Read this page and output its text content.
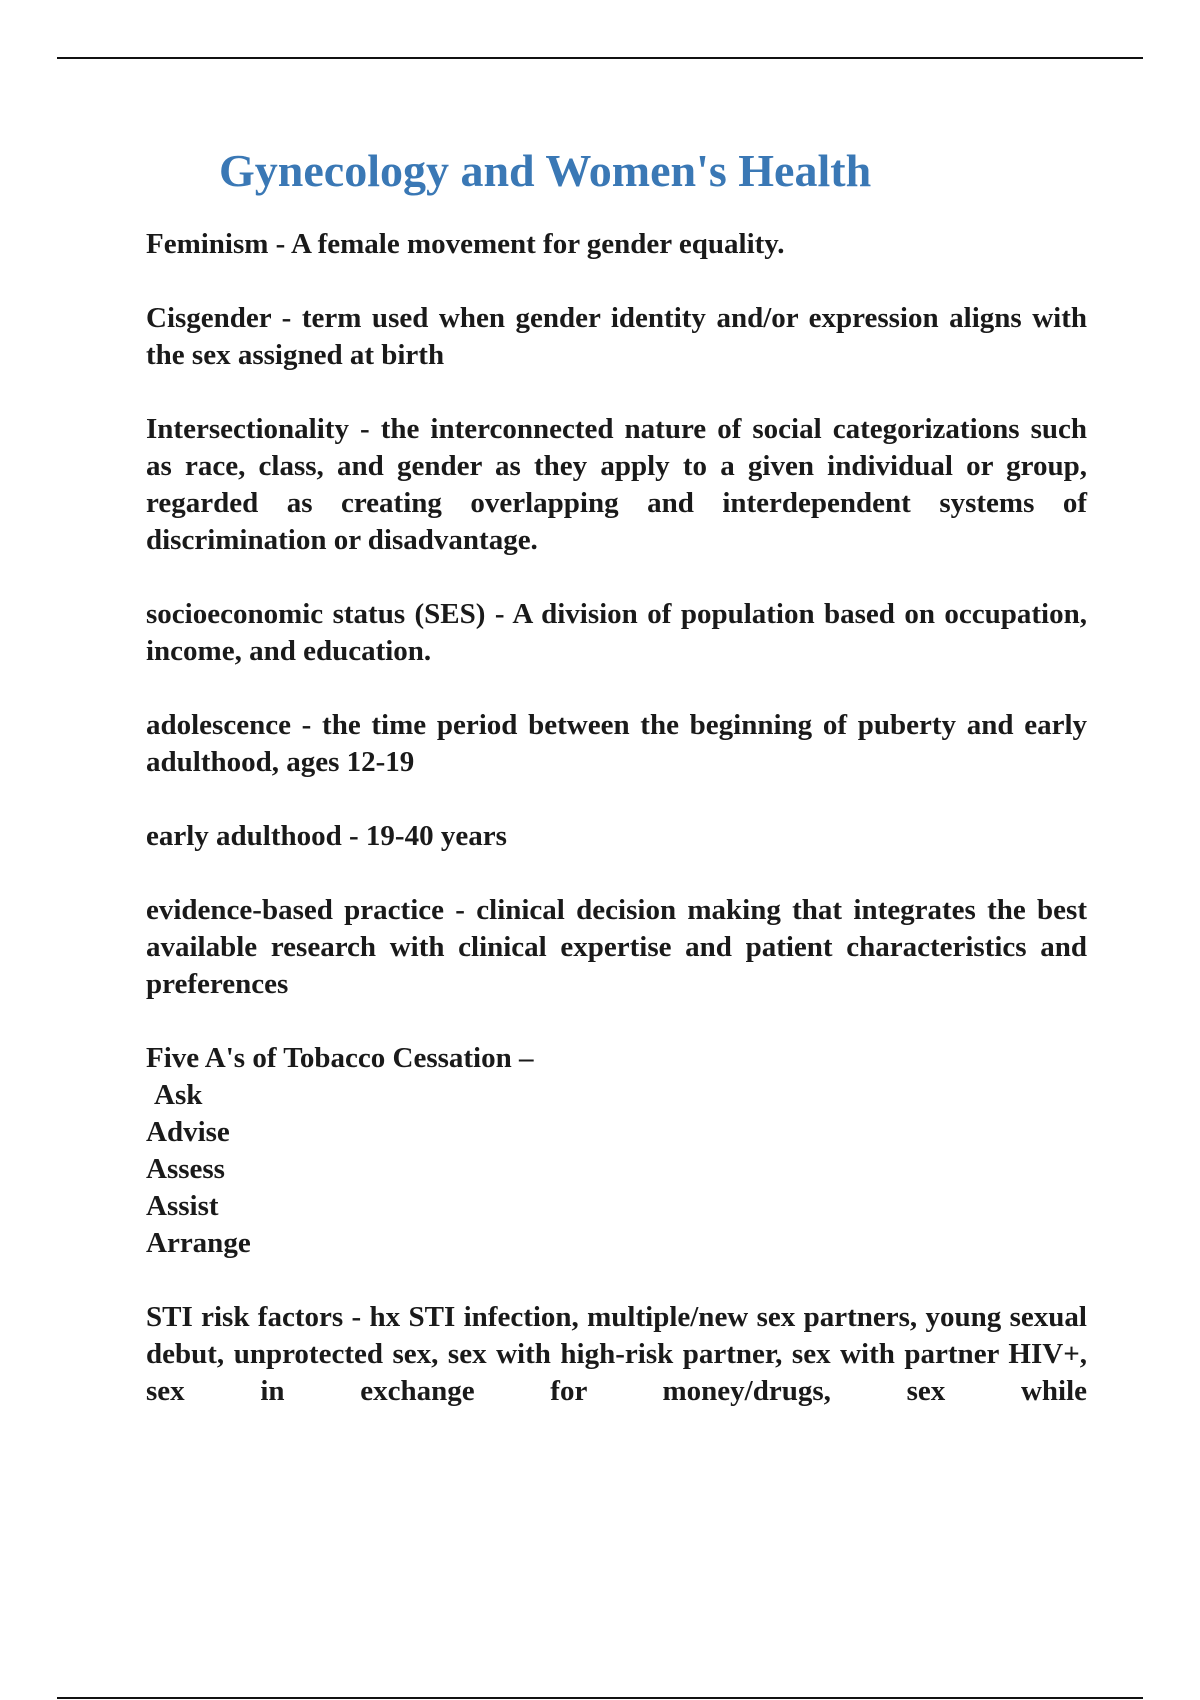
Gynecology and Women's Health

Feminism - A female movement for gender equality.

Cisgender - term used when gender identity and/or expression aligns with the sex assigned at birth

Intersectionality - the interconnected nature of social categorizations such as race, class, and gender as they apply to a given individual or group, regarded as creating overlapping and interdependent systems of discrimination or disadvantage.

socioeconomic status (SES) - A division of population based on occupation, income, and education.

adolescence - the time period between the beginning of puberty and early adulthood, ages 12-19

early adulthood - 19-40 years

evidence-based practice - clinical decision making that integrates the best available research with clinical expertise and patient characteristics and preferences

Five A's of Tobacco Cessation –

Ask

Advise

Assess

Assist

Arrange

STI risk factors - hx STI infection, multiple/new sex partners, young sexual debut, unprotected sex, sex with high-risk partner, sex with partner HIV+, sex in exchange for money/drugs, sex while
